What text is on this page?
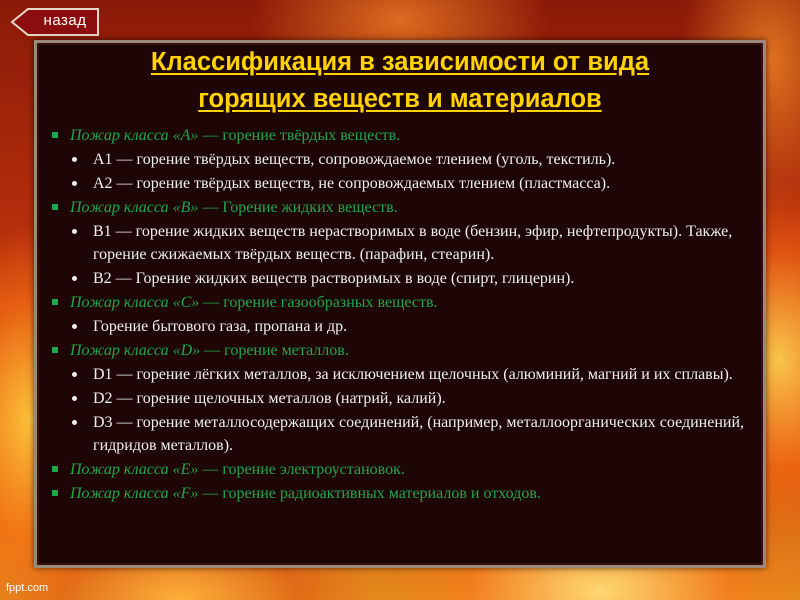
назад
Классификация в зависимости от вида
горящих веществ и материалов
Пожар класса «А» — горение твёрдых веществ.
А1 — горение твёрдых веществ, сопровождаемое тлением (уголь, текстиль).
А2 — горение твёрдых веществ, не сопровождаемых тлением (пластмасса).
Пожар класса «В» — Горение жидких веществ.
В1 — горение жидких веществ нерастворимых в воде (бензин, эфир, нефтепродукты). Также, горение сжижаемых твёрдых веществ. (парафин, стеарин).
В2 — Горение жидких веществ растворимых в воде (спирт, глицерин).
Пожар класса «С» — горение газообразных веществ.
Горение бытового газа, пропана и др.
Пожар класса «D» — горение металлов.
D1 — горение лёгких металлов, за исключением щелочных (алюминий, магний и их сплавы).
D2 — горение щелочных металлов (натрий, калий).
D3 — горение металлосодержащих соединений, (например, металлоорганических соединений, гидридов металлов).
Пожар класса «Е» — горение электроустановок.
Пожар класса «F» — горение радиоактивных материалов и отходов.
fppt.com
